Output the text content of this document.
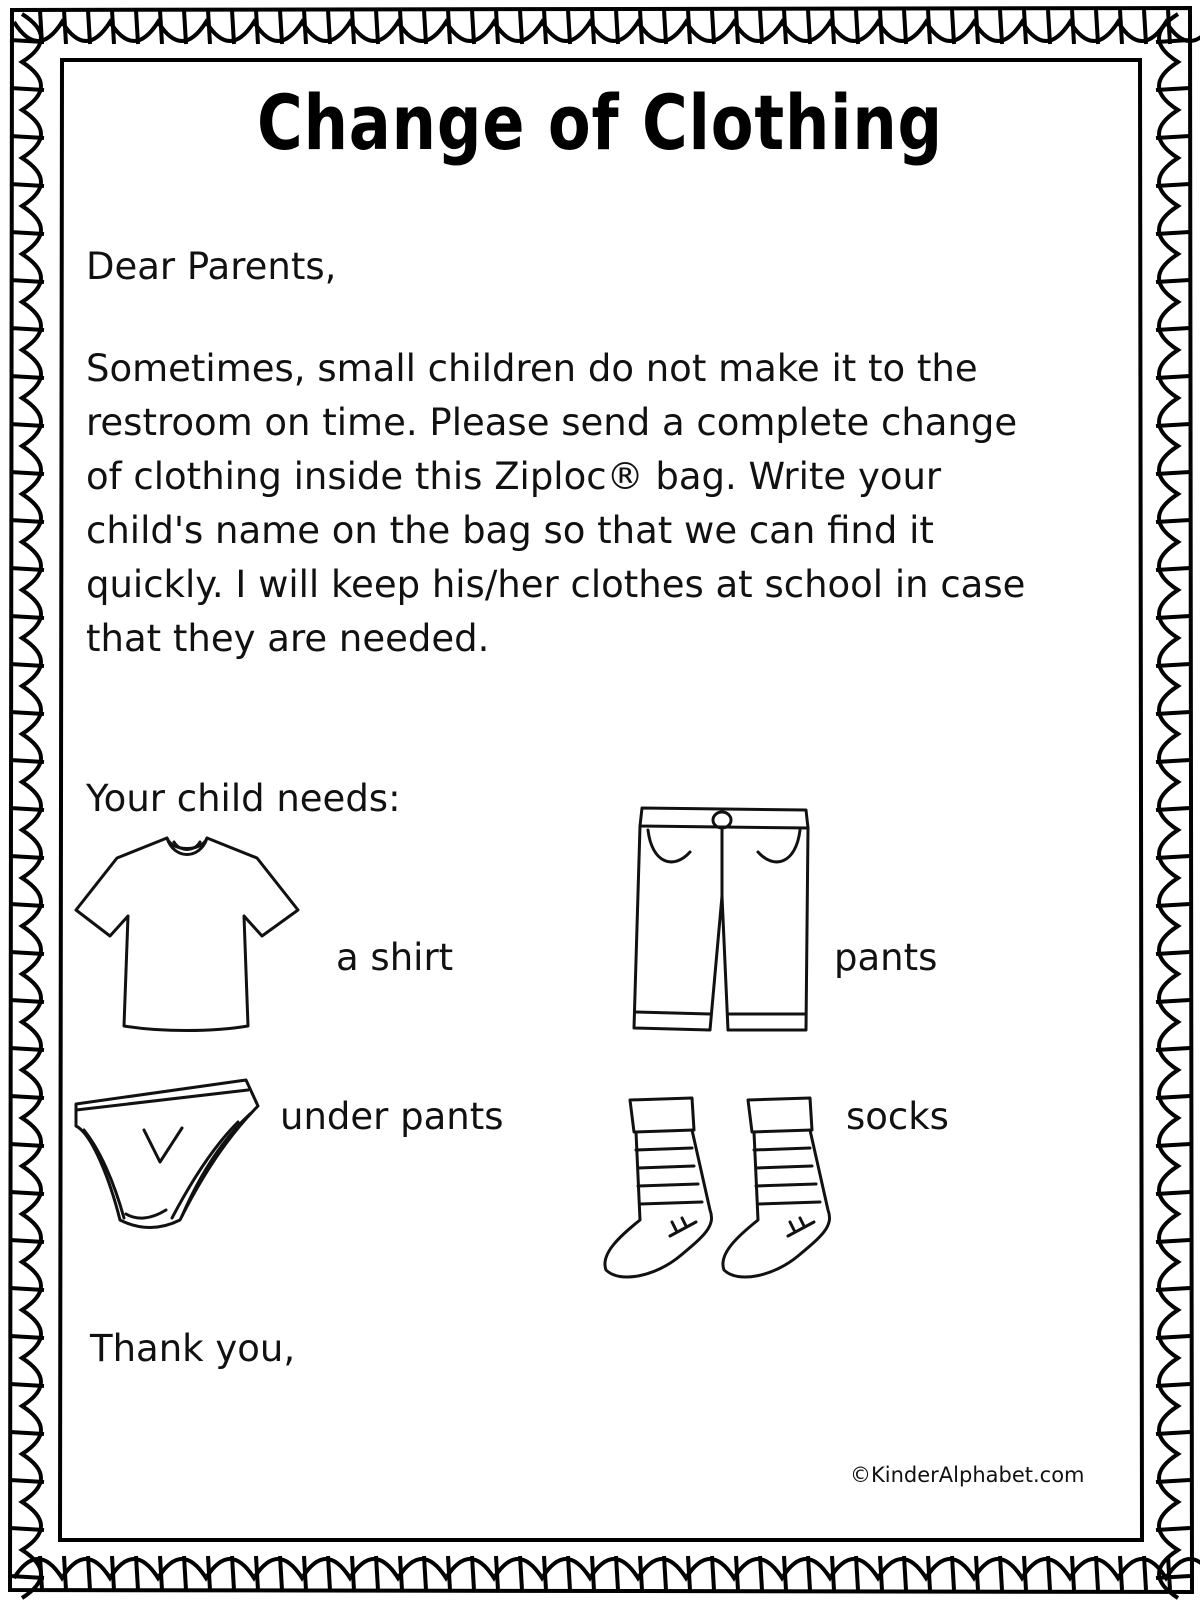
Change of Clothing
Dear Parents,
Sometimes, small children do not make it to the
restroom on time. Please send a complete change
of clothing inside this Ziploc® bag. Write your
child's name on the bag so that we can find it
quickly. I will keep his/her clothes at school in case
that they are needed.
Your child needs:
a shirt	pants
under pants	socks
Thank you,
©KinderAlphabet.com
